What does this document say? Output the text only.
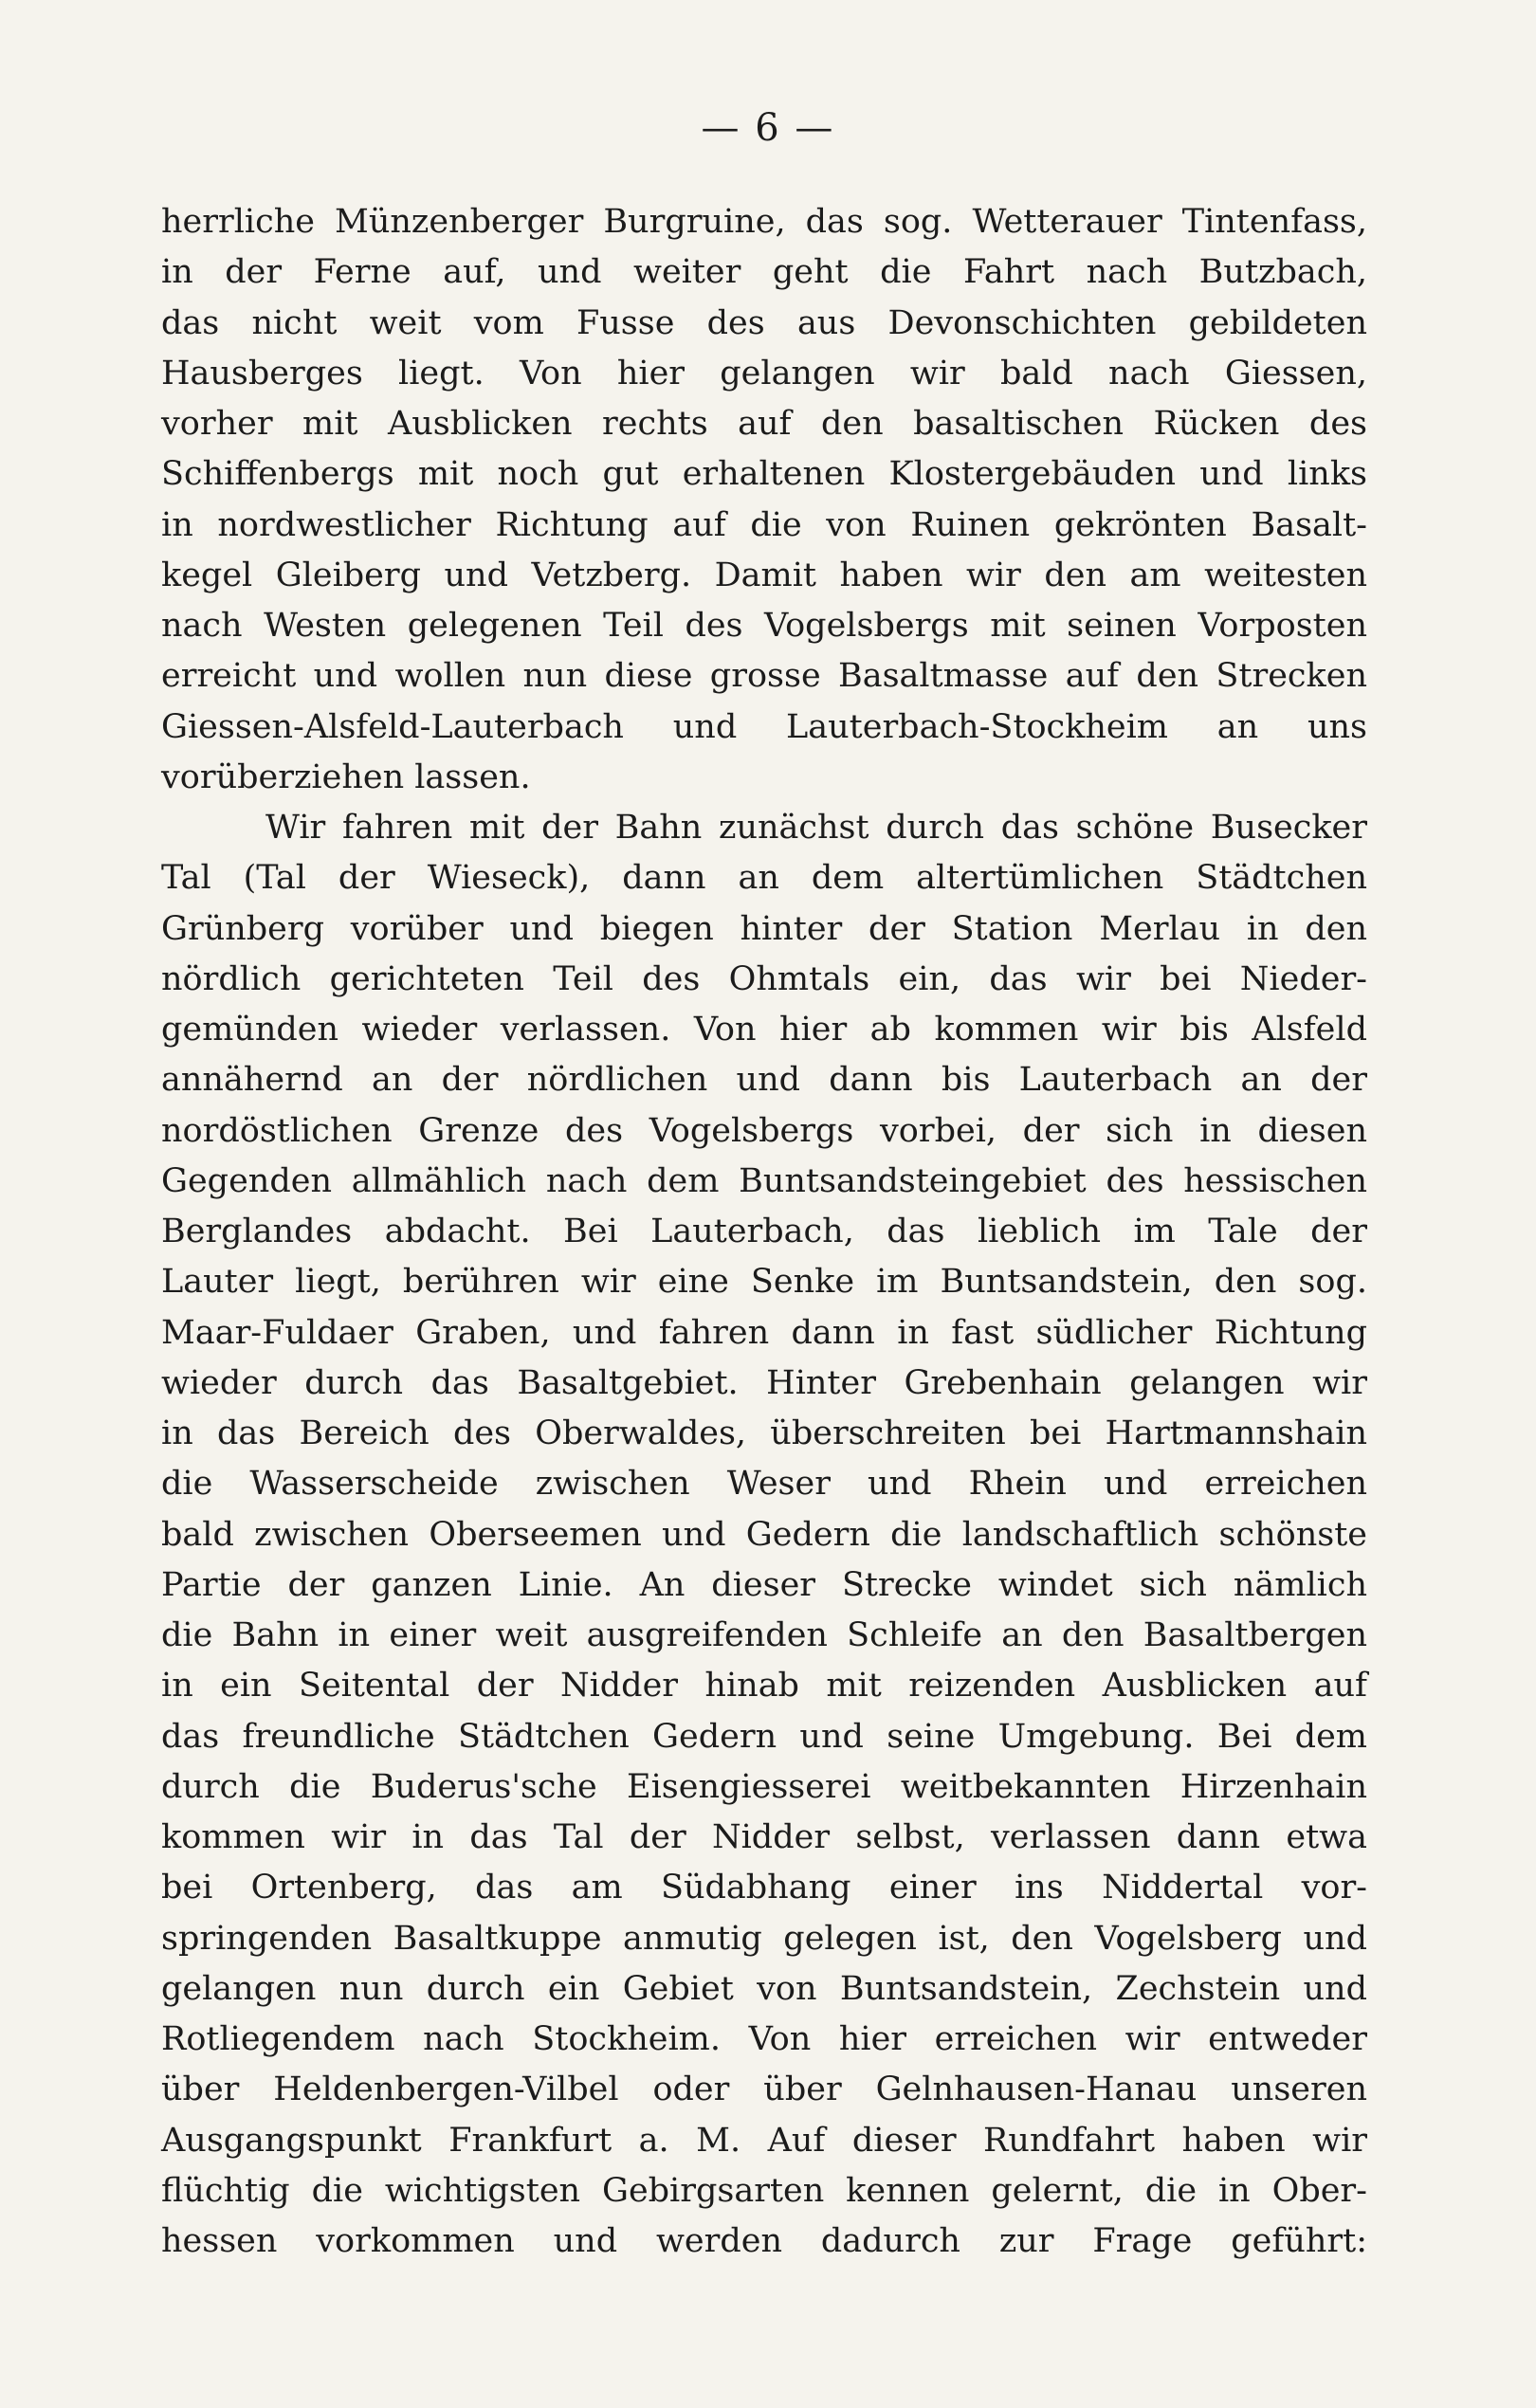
— 6 —
herrliche Münzenberger Burgruine, das sog. Wetterauer Tintenfass,
in der Ferne auf, und weiter geht die Fahrt nach Butzbach,
das nicht weit vom Fusse des aus Devonschichten gebildeten
Hausberges liegt. Von hier gelangen wir bald nach Giessen,
vorher mit Ausblicken rechts auf den basaltischen Rücken des
Schiffenbergs mit noch gut erhaltenen Klostergebäuden und links
in nordwestlicher Richtung auf die von Ruinen gekrönten Basalt-
kegel Gleiberg und Vetzberg. Damit haben wir den am weitesten
nach Westen gelegenen Teil des Vogelsbergs mit seinen Vorposten
erreicht und wollen nun diese grosse Basaltmasse auf den Strecken
Giessen-Alsfeld-Lauterbach und Lauterbach-Stockheim an uns
vorüberziehen lassen.
Wir fahren mit der Bahn zunächst durch das schöne Busecker
Tal (Tal der Wieseck), dann an dem altertümlichen Städtchen
Grünberg vorüber und biegen hinter der Station Merlau in den
nördlich gerichteten Teil des Ohmtals ein, das wir bei Nieder-
gemünden wieder verlassen. Von hier ab kommen wir bis Alsfeld
annähernd an der nördlichen und dann bis Lauterbach an der
nordöstlichen Grenze des Vogelsbergs vorbei, der sich in diesen
Gegenden allmählich nach dem Buntsandsteingebiet des hessischen
Berglandes abdacht. Bei Lauterbach, das lieblich im Tale der
Lauter liegt, berühren wir eine Senke im Buntsandstein, den sog.
Maar-Fuldaer Graben, und fahren dann in fast südlicher Richtung
wieder durch das Basaltgebiet. Hinter Grebenhain gelangen wir
in das Bereich des Oberwaldes, überschreiten bei Hartmannshain
die Wasserscheide zwischen Weser und Rhein und erreichen
bald zwischen Oberseemen und Gedern die landschaftlich schönste
Partie der ganzen Linie. An dieser Strecke windet sich nämlich
die Bahn in einer weit ausgreifenden Schleife an den Basaltbergen
in ein Seitental der Nidder hinab mit reizenden Ausblicken auf
das freundliche Städtchen Gedern und seine Umgebung. Bei dem
durch die Buderus'sche Eisengiesserei weitbekannten Hirzenhain
kommen wir in das Tal der Nidder selbst, verlassen dann etwa
bei Ortenberg, das am Südabhang einer ins Niddertal vor-
springenden Basaltkuppe anmutig gelegen ist, den Vogelsberg und
gelangen nun durch ein Gebiet von Buntsandstein, Zechstein und
Rotliegendem nach Stockheim. Von hier erreichen wir entweder
über Heldenbergen-Vilbel oder über Gelnhausen-Hanau unseren
Ausgangspunkt Frankfurt a. M. Auf dieser Rundfahrt haben wir
flüchtig die wichtigsten Gebirgsarten kennen gelernt, die in Ober-
hessen vorkommen und werden dadurch zur Frage geführt:
